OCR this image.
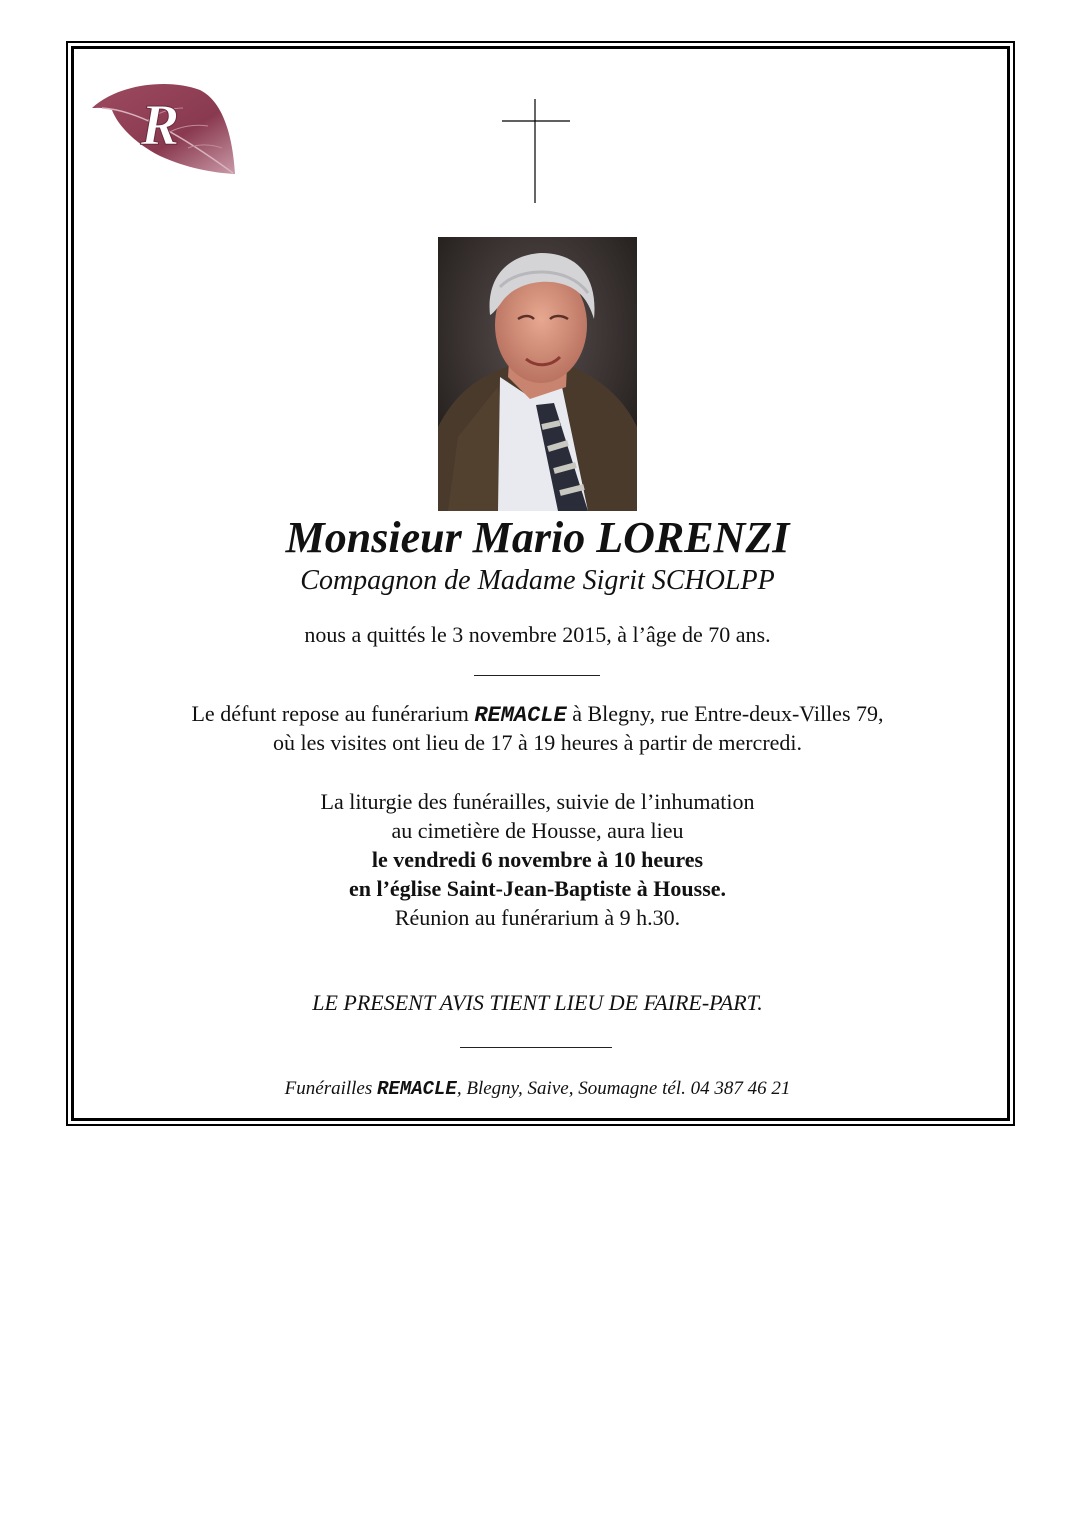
R
Monsieur Mario LORENZI
Compagnon de Madame Sigrit SCHOLPP
nous a quittés le 3 novembre 2015, à l’âge de 70 ans.
Le défunt repose au funérarium REMACLE à Blegny, rue Entre-deux-Villes 79,
où les visites ont lieu de 17 à 19 heures à partir de mercredi.
La liturgie des funérailles, suivie de l’inhumation
au cimetière de Housse, aura lieu
le vendredi 6 novembre à 10 heures
en l’église Saint-Jean-Baptiste à Housse.
Réunion au funérarium à 9 h.30.
LE PRESENT AVIS TIENT LIEU DE FAIRE-PART.
Funérailles REMACLE, Blegny, Saive, Soumagne tél. 04 387 46 21
